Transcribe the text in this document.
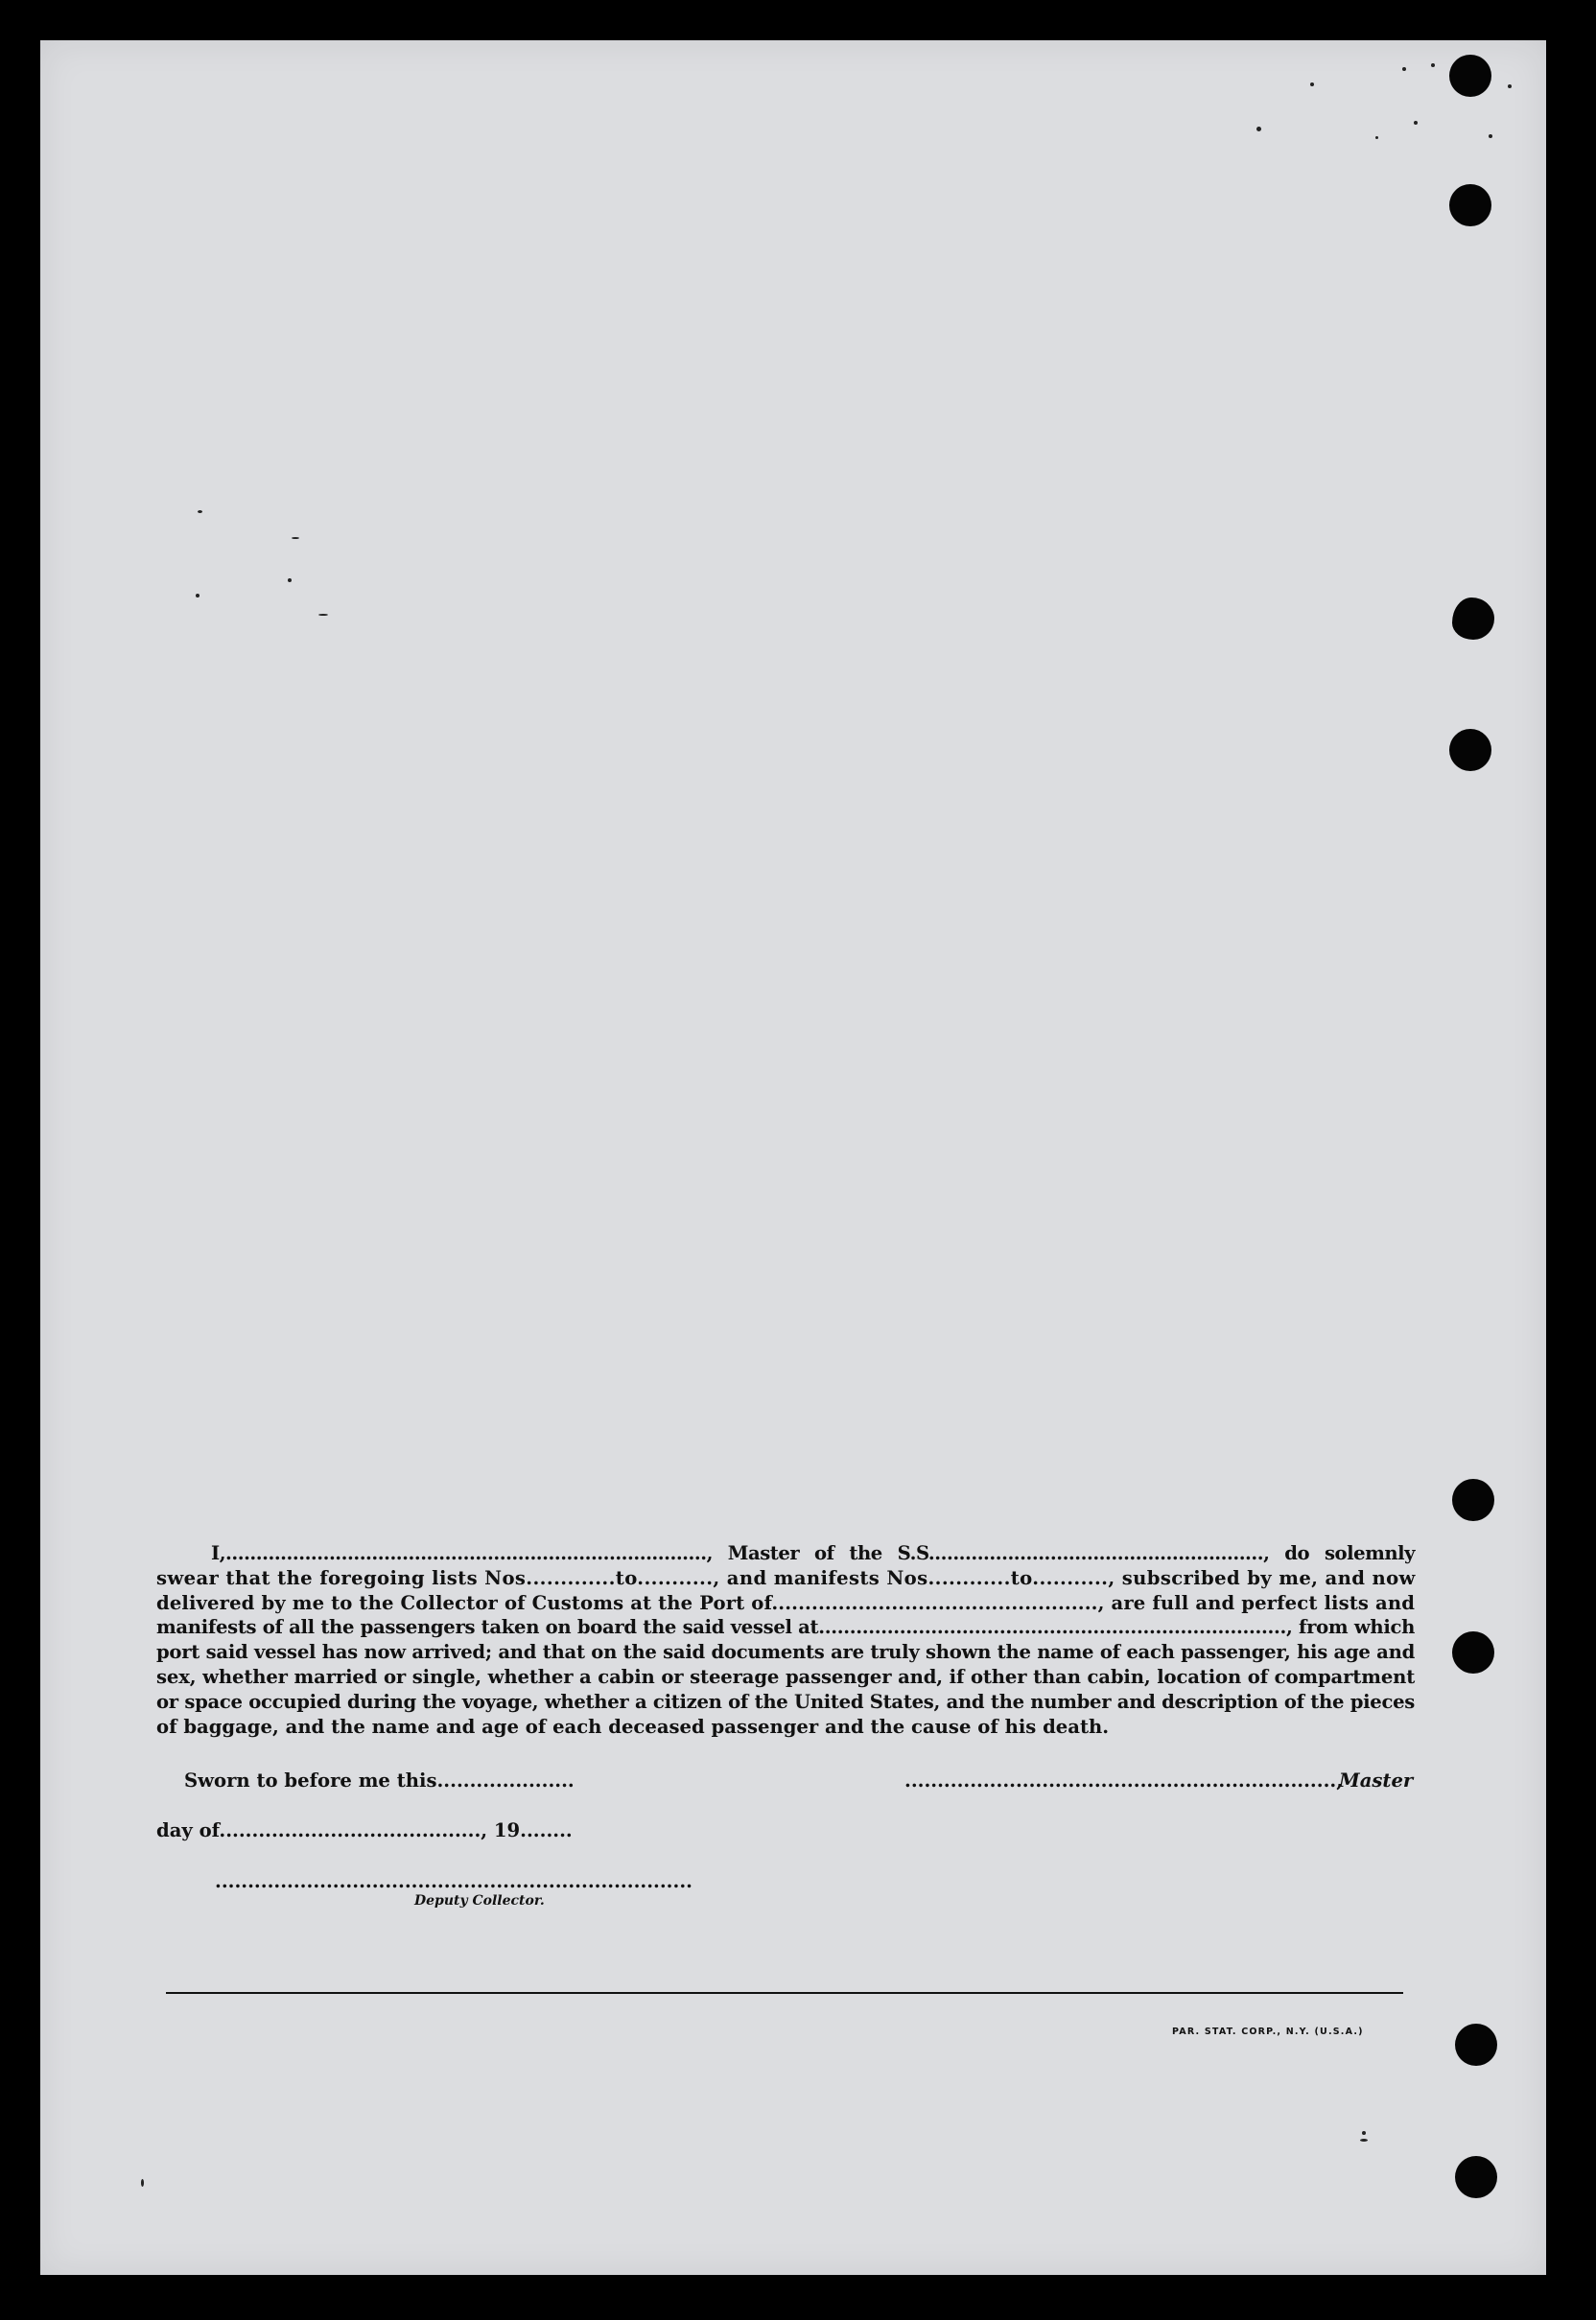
I,..............................................................................., Master of the S.S......................................................., do solemnly
swear that the foregoing lists Nos.............to..........., and manifests Nos............to..........., subscribed by me, and now
delivered by me to the Collector of Customs at the Port of................................................., are full and perfect lists and
manifests of all the passengers taken on board the said vessel at..........................................................................., from which
port said vessel has now arrived; and that on the said documents are truly shown the name of each passenger, his age and
sex, whether married or single, whether a cabin or steerage passenger and, if other than cabin, location of compartment
or space occupied during the voyage, whether a citizen of the United States, and the number and description of the pieces
of baggage, and the name and age of each deceased passenger and the cause of his death.
Sworn to before me this.....................	..................................................................,
Master
day of........................................, 19........
.........................................................................
Deputy Collector.
PAR. STAT. CORP., N.Y. (U.S.A.)
